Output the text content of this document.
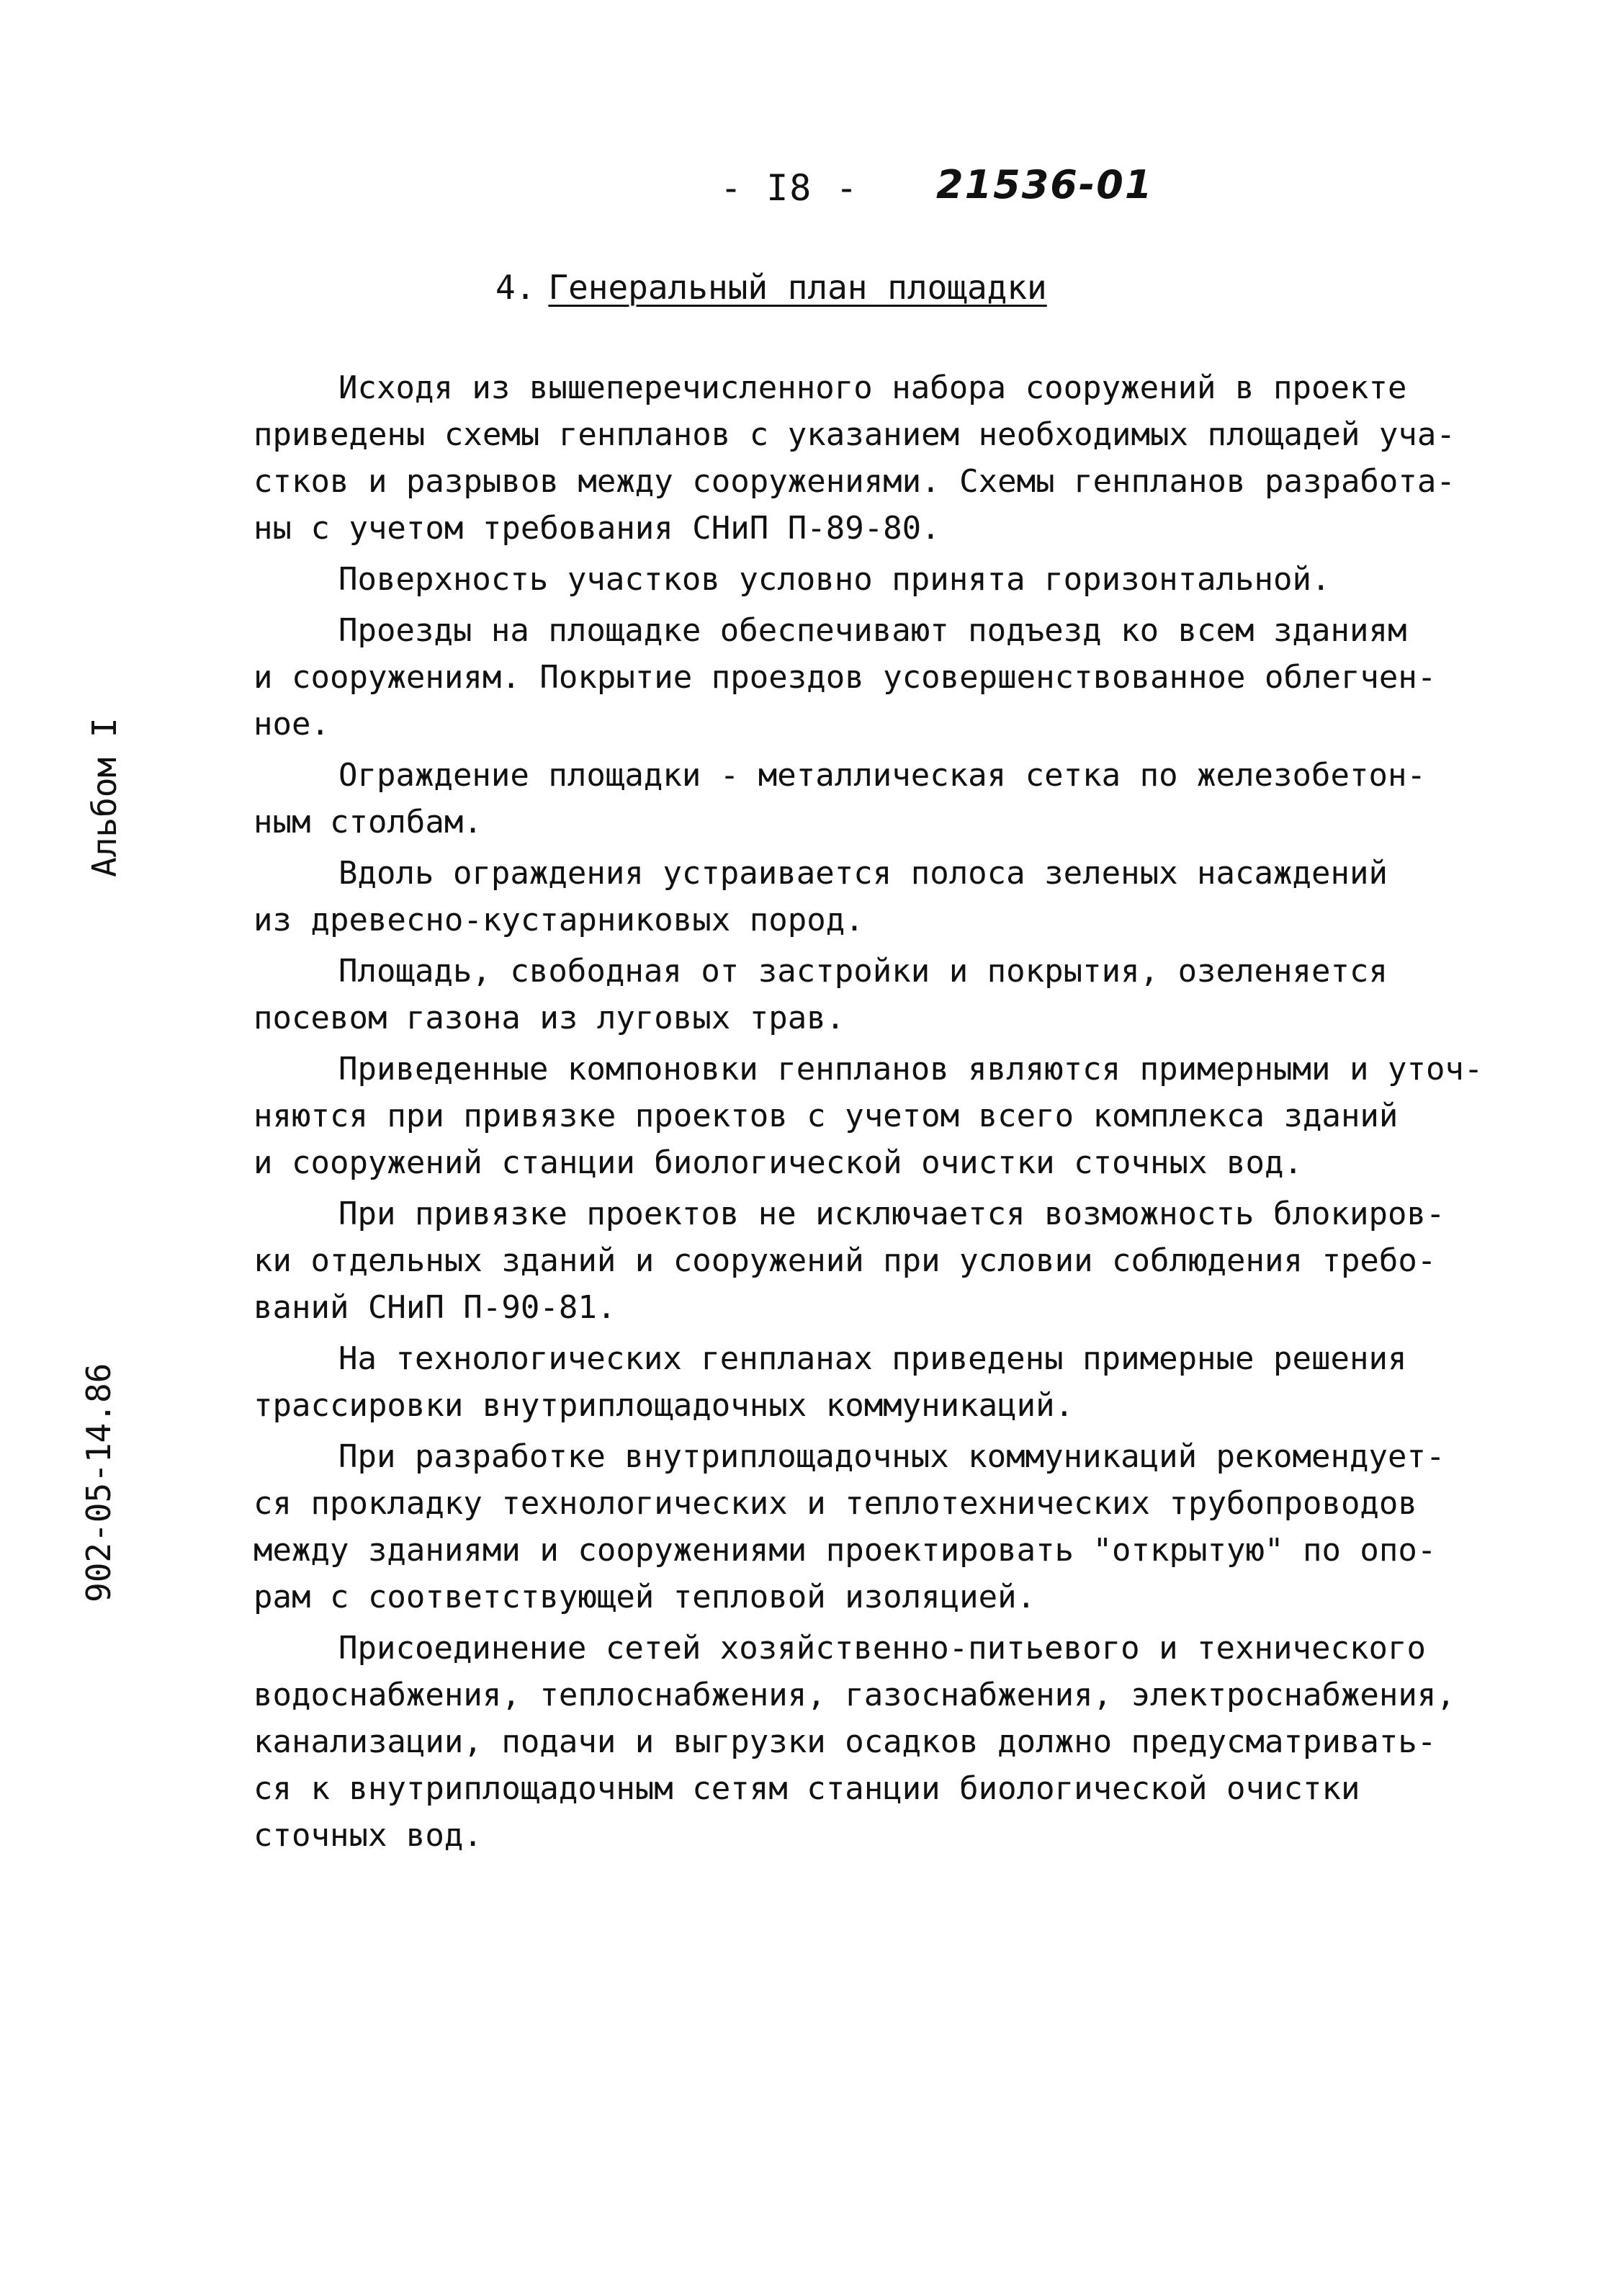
- I8 - 21536-01
4. Генеральный план площадки
Альбом I
902-05-14.86
Исходя из вышеперечисленного набора сооружений в проекте
приведены схемы генпланов с указанием необходимых площадей уча-
стков и разрывов между сооружениями. Схемы генпланов разработа-
ны с учетом требования СНиП П-89-80.
Поверхность участков условно принята горизонтальной.
Проезды на площадке обеспечивают подъезд ко всем зданиям
и сооружениям. Покрытие проездов усовершенствованное облегчен-
ное.
Ограждение площадки - металлическая сетка по железобетон-
ным столбам.
Вдоль ограждения устраивается полоса зеленых насаждений
из древесно-кустарниковых пород.
Площадь, свободная от застройки и покрытия, озеленяется
посевом газона из луговых трав.
Приведенные компоновки генпланов являются примерными и уточ-
няются при привязке проектов с учетом всего комплекса зданий
и сооружений станции биологической очистки сточных вод.
При привязке проектов не исключается возможность блокиров-
ки отдельных зданий и сооружений при условии соблюдения требо-
ваний СНиП П-90-81.
На технологических генпланах приведены примерные решения
трассировки внутриплощадочных коммуникаций.
При разработке внутриплощадочных коммуникаций рекомендует-
ся прокладку технологических и теплотехнических трубопроводов
между зданиями и сооружениями проектировать "открытую" по опо-
рам с соответствующей тепловой изоляцией.
Присоединение сетей хозяйственно-питьевого и технического
водоснабжения, теплоснабжения, газоснабжения, электроснабжения,
канализации, подачи и выгрузки осадков должно предусматривать-
ся к внутриплощадочным сетям станции биологической очистки
сточных вод.
